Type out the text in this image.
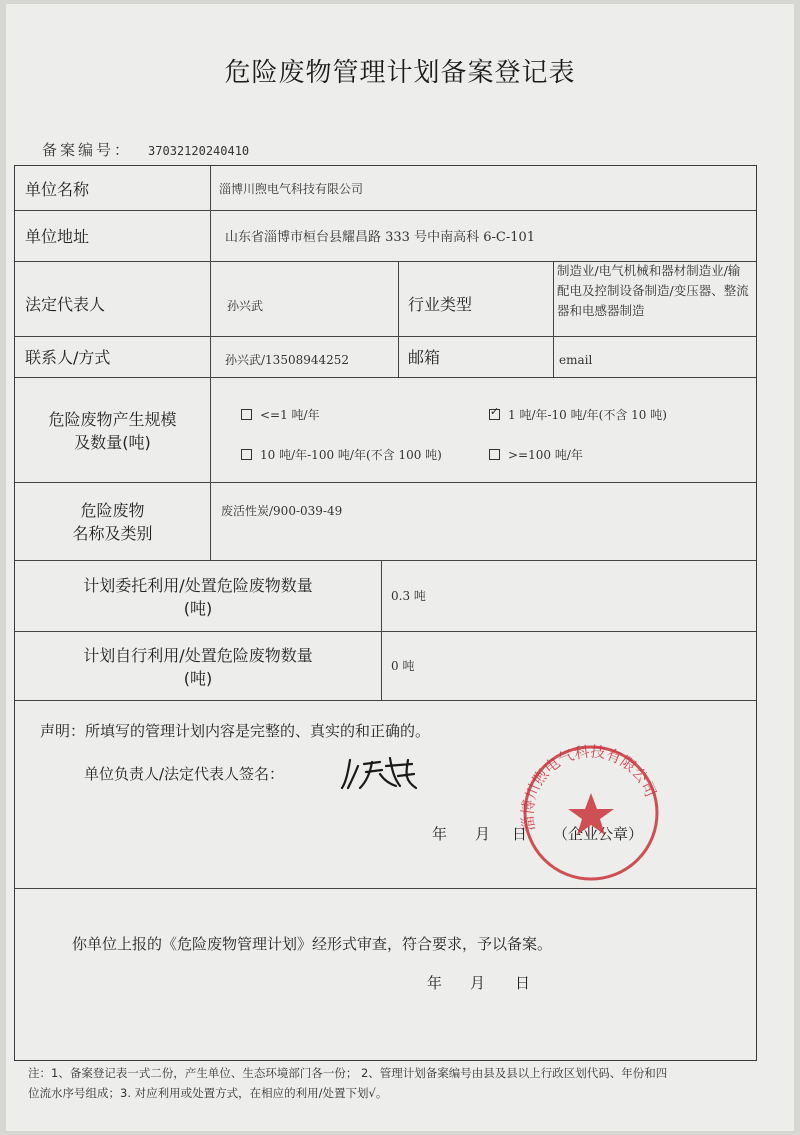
危险废物管理计划备案登记表
备案编号： 37032120240410
单位名称	淄博川煦电气科技有限公司
单位地址	山东省淄博市桓台县耀昌路 333 号中南高科 6-C-101
法定代表人	孙兴武	行业类型
制造业/电气机械和器材制造业/输配电及控制设备制造/变压器、整流器和电感器制造
联系人/方式	孙兴武/13508944252	邮箱	email
危险废物产生规模
及数量(吨)
<=1 吨/年
✓	1 吨/年-10 吨/年(不含 10 吨)
10 吨/年-100 吨/年(不含 100 吨)	>=100 吨/年
危险废物
名称及类别
废活性炭/900-039-49
计划委托利用/处置危险废物数量
(吨)
0.3 吨
计划自行利用/处置危险废物数量
(吨)
0 吨
声明：所填写的管理计划内容是完整的、真实的和正确的。
单位负责人/法定代表人签名：
年 月 日 （企业公章）
淄博川煦电气科技有限公司
你单位上报的《危险废物管理计划》经形式审查，符合要求，予以备案。
年 月 日
注：1、备案登记表一式二份，产生单位、生态环境部门各一份； 2、管理计划备案编号由县及县以上行政区划代码、年份和四
位流水序号组成；3. 对应利用或处置方式，在相应的利用/处置下划√。
